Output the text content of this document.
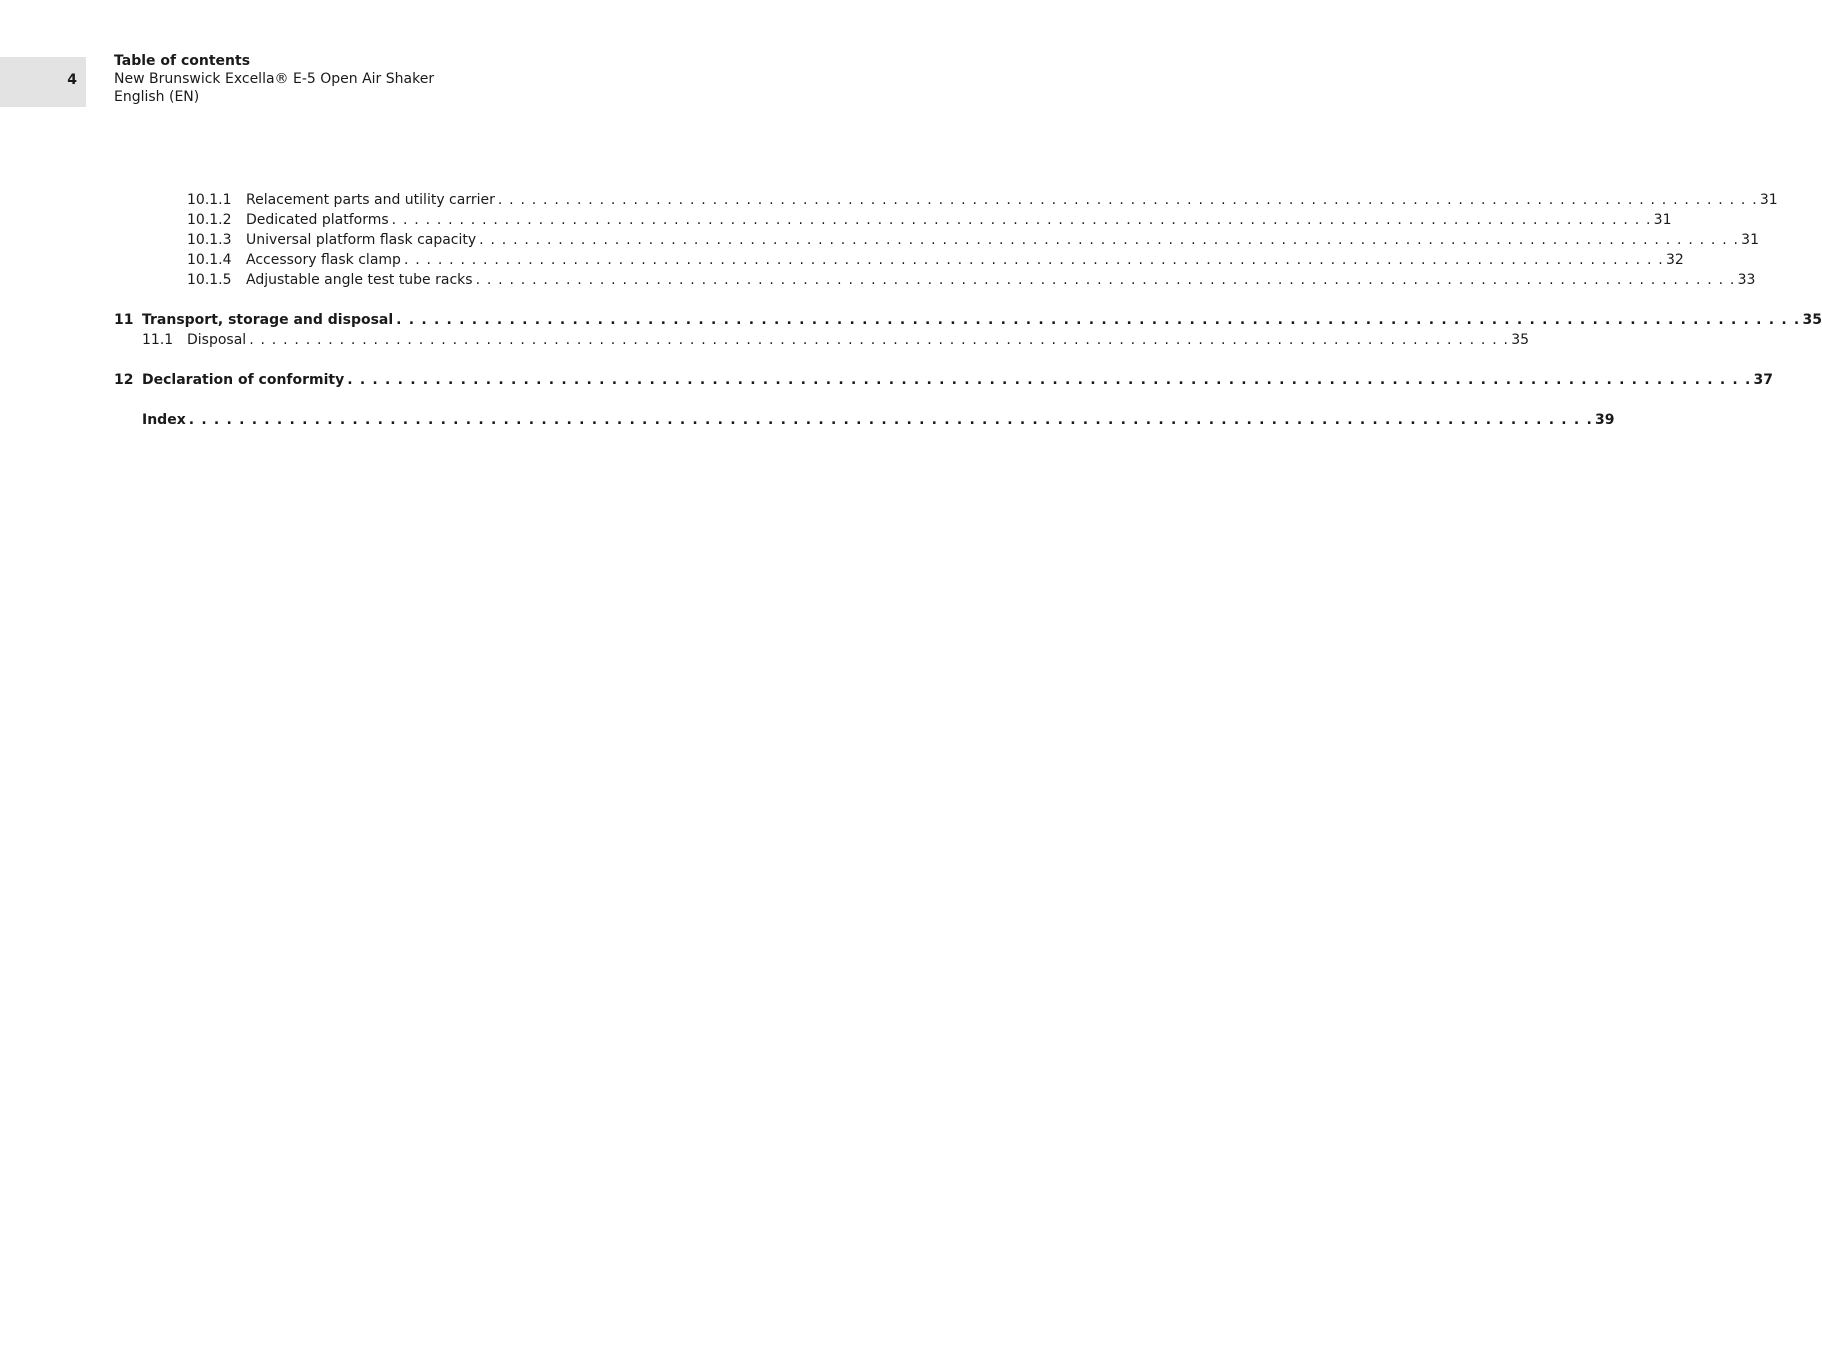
4
Table of contents
New Brunswick Excella® E-5 Open Air Shaker
English (EN)
10.1.1 Relacement parts and utility carrier . . . . . . . . . . . . . . . . . . . . . . . . . . . . . . . . . . . . . . . . . . . . . . . . . . . . . . . . . . . . . . . . . . . . . . . . . . . . . . . . . . . . . . . . . . . . . . . . . . . . . . . . . . . . . . . . 31
10.1.2 Dedicated platforms . . . . . . . . . . . . . . . . . . . . . . . . . . . . . . . . . . . . . . . . . . . . . . . . . . . . . . . . . . . . . . . . . . . . . . . . . . . . . . . . . . . . . . . . . . . . . . . . . . . . . . . . . . . . . . . . 31
10.1.3 Universal platform flask capacity . . . . . . . . . . . . . . . . . . . . . . . . . . . . . . . . . . . . . . . . . . . . . . . . . . . . . . . . . . . . . . . . . . . . . . . . . . . . . . . . . . . . . . . . . . . . . . . . . . . . . . . . . . . . . . . . 31
10.1.4 Accessory flask clamp . . . . . . . . . . . . . . . . . . . . . . . . . . . . . . . . . . . . . . . . . . . . . . . . . . . . . . . . . . . . . . . . . . . . . . . . . . . . . . . . . . . . . . . . . . . . . . . . . . . . . . . . . . . . . . . . 32
10.1.5 Adjustable angle test tube racks . . . . . . . . . . . . . . . . . . . . . . . . . . . . . . . . . . . . . . . . . . . . . . . . . . . . . . . . . . . . . . . . . . . . . . . . . . . . . . . . . . . . . . . . . . . . . . . . . . . . . . . . . . . . . . . . 33
11 Transport, storage and disposal . . . . . . . . . . . . . . . . . . . . . . . . . . . . . . . . . . . . . . . . . . . . . . . . . . . . . . . . . . . . . . . . . . . . . . . . . . . . . . . . . . . . . . . . . . . . . . . . . . . . . . . . . . . . . . . . 35
11.1 Disposal . . . . . . . . . . . . . . . . . . . . . . . . . . . . . . . . . . . . . . . . . . . . . . . . . . . . . . . . . . . . . . . . . . . . . . . . . . . . . . . . . . . . . . . . . . . . . . . . . . . . . . . . . . . . . . . . 35
12 Declaration of conformity . . . . . . . . . . . . . . . . . . . . . . . . . . . . . . . . . . . . . . . . . . . . . . . . . . . . . . . . . . . . . . . . . . . . . . . . . . . . . . . . . . . . . . . . . . . . . . . . . . . . . . . . . . . . . . . . 37
Index . . . . . . . . . . . . . . . . . . . . . . . . . . . . . . . . . . . . . . . . . . . . . . . . . . . . . . . . . . . . . . . . . . . . . . . . . . . . . . . . . . . . . . . . . . . . . . . . . . . . . . . . . . . . . . . . 39
